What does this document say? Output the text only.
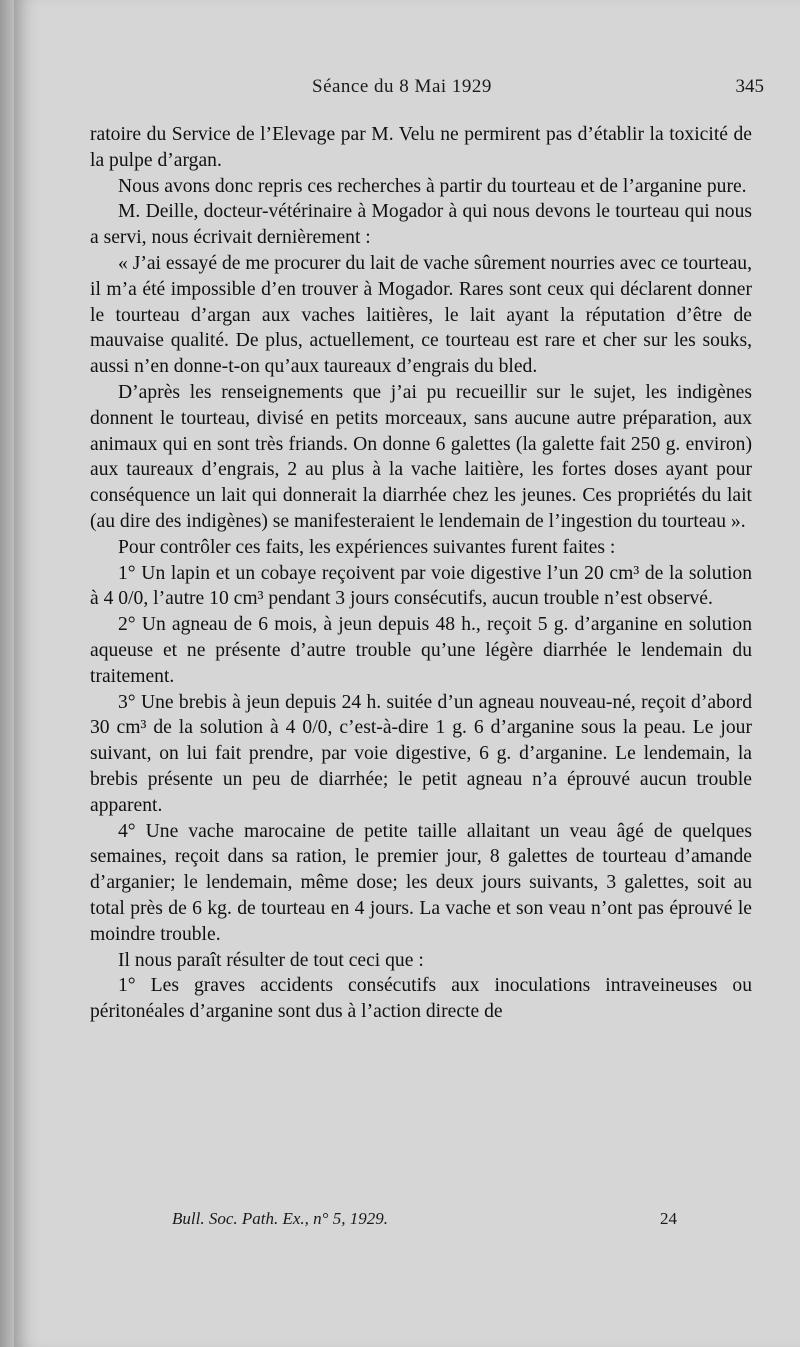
Séance du 8 Mai 1929	345

ratoire du Service de l’Elevage par M. Velu ne permirent pas d’établir la toxicité de la pulpe d’argan.

Nous avons donc repris ces recherches à partir du tourteau et de l’arganine pure.

M. Deille, docteur-vétérinaire à Mogador à qui nous devons le tourteau qui nous a servi, nous écrivait dernièrement :

« J’ai essayé de me procurer du lait de vache sûrement nourries avec ce tourteau, il m’a été impossible d’en trouver à Mogador. Rares sont ceux qui déclarent donner le tourteau d’argan aux vaches laitières, le lait ayant la réputation d’être de mauvaise qualité. De plus, actuellement, ce tourteau est rare et cher sur les souks, aussi n’en donne-t-on qu’aux taureaux d’engrais du bled.

D’après les renseignements que j’ai pu recueillir sur le sujet, les indigènes donnent le tourteau, divisé en petits morceaux, sans aucune autre préparation, aux animaux qui en sont très friands. On donne 6 galettes (la galette fait 250 g. environ) aux taureaux d’engrais, 2 au plus à la vache laitière, les fortes doses ayant pour conséquence un lait qui donnerait la diarrhée chez les jeunes. Ces propriétés du lait (au dire des indigènes) se manifesteraient le lendemain de l’ingestion du tourteau ».

Pour contrôler ces faits, les expériences suivantes furent faites :

1° Un lapin et un cobaye reçoivent par voie digestive l’un 20 cm³ de la solution à 4 0/0, l’autre 10 cm³ pendant 3 jours consécutifs, aucun trouble n’est observé.

2° Un agneau de 6 mois, à jeun depuis 48 h., reçoit 5 g. d’arganine en solution aqueuse et ne présente d’autre trouble qu’une légère diarrhée le lendemain du traitement.

3° Une brebis à jeun depuis 24 h. suitée d’un agneau nouveau-né, reçoit d’abord 30 cm³ de la solution à 4 0/0, c’est-à-dire 1 g. 6 d’arganine sous la peau. Le jour suivant, on lui fait prendre, par voie digestive, 6 g. d’arganine. Le lendemain, la brebis présente un peu de diarrhée; le petit agneau n’a éprouvé aucun trouble apparent.

4° Une vache marocaine de petite taille allaitant un veau âgé de quelques semaines, reçoit dans sa ration, le premier jour, 8 galettes de tourteau d’amande d’arganier; le lendemain, même dose; les deux jours suivants, 3 galettes, soit au total près de 6 kg. de tourteau en 4 jours. La vache et son veau n’ont pas éprouvé le moindre trouble.

Il nous paraît résulter de tout ceci que :

1° Les graves accidents consécutifs aux inoculations intraveineuses ou péritonéales d’arganine sont dus à l’action directe de

Bull. Soc. Path. Ex., n° 5, 1929.	24
